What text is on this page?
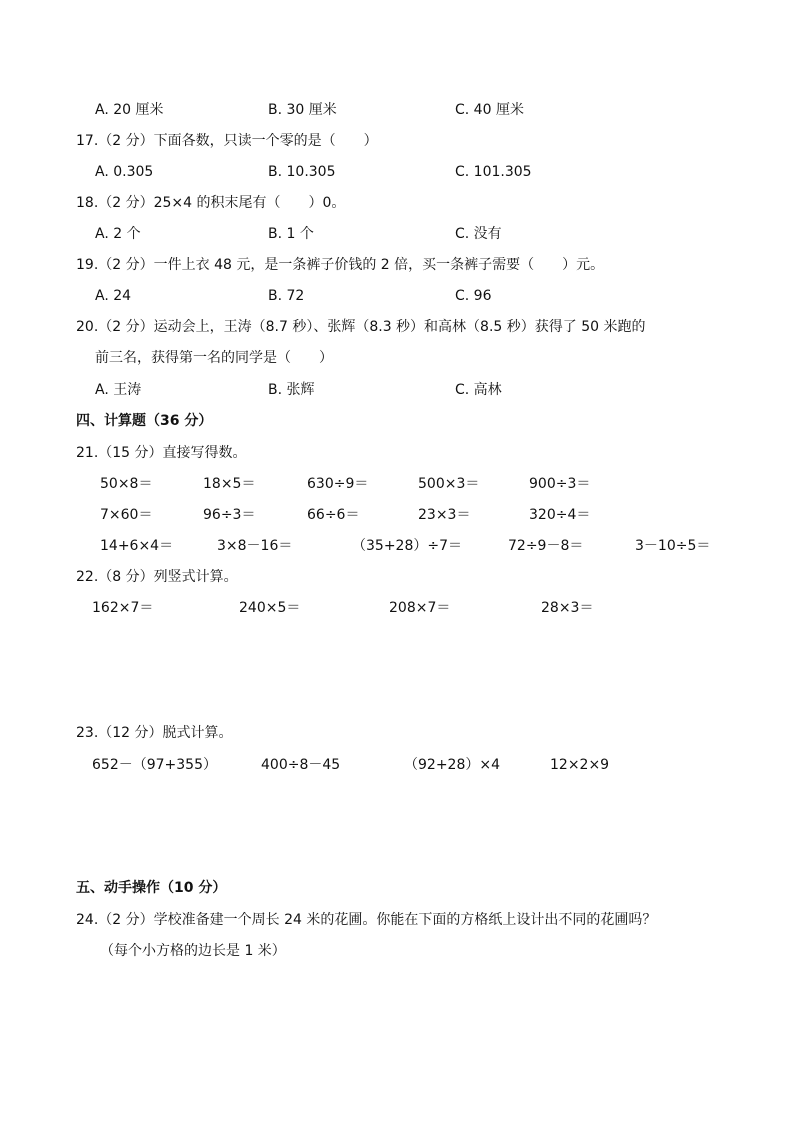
A. 20 厘米	B. 30 厘米	C. 40 厘米
17.（2 分）下面各数，只读一个零的是（　　）
A. 0.305	B. 10.305	C. 101.305
18.（2 分）25×4 的积末尾有（　　）0。
A. 2 个	B. 1 个	C. 没有
19.（2 分）一件上衣 48 元，是一条裤子价钱的 2 倍，买一条裤子需要（　　）元。
A. 24	B. 72	C. 96
20.（2 分）运动会上，王涛（8.7 秒）、张辉（8.3 秒）和高林（8.5 秒）获得了 50 米跑的
前三名，获得第一名的同学是（　　）
A. 王涛	B. 张辉	C. 高林
四、计算题（36 分）
21.（15 分）直接写得数。
50×8＝	18×5＝	630÷9＝	500×3＝	900÷3＝
7×60＝	96÷3＝	66÷6＝	23×3＝	320÷4＝
14+6×4＝	3×8－16＝	（35+28）÷7＝	72÷9－8＝	3－10÷5＝
22.（8 分）列竖式计算。
162×7＝	240×5＝	208×7＝	28×3＝
23.（12 分）脱式计算。
652－（97+355）	400÷8－45	（92+28）×4	12×2×9
五、动手操作（10 分）
24.（2 分）学校准备建一个周长 24 米的花圃。你能在下面的方格纸上设计出不同的花圃吗？
（每个小方格的边长是 1 米）
